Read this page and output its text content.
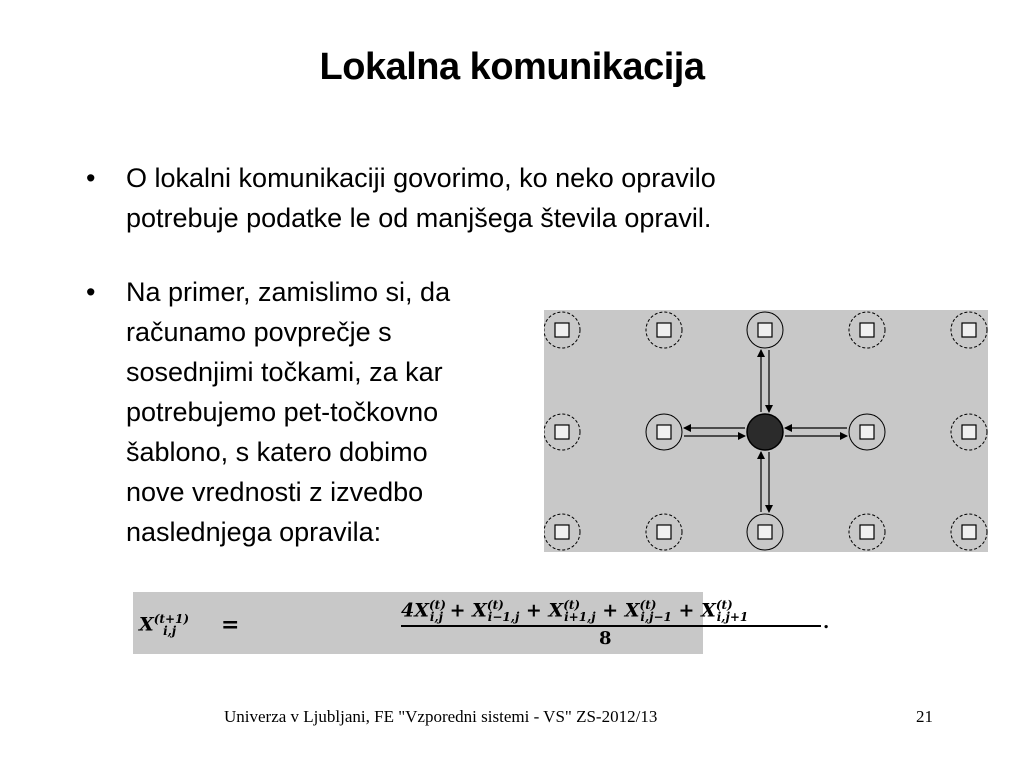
Lokalna komunikacija
• O lokalni komunikaciji govorimo, ko neko opravilo
potrebuje podatke le od manjšega števila opravil.
• Na primer, zamislimo si, da
računamo povprečje s
sosednjimi točkami, za kar
potrebujemo pet-točkovno
šablono, s katero dobimo
nove vrednosti z izvedbo
naslednjega opravila:
$X^{(t+1)}_{i,j}$ =
$4X^{(t)}_{i,j} + X^{(t)}_{i-1,j} + X^{(t)}_{i+1,j} + X^{(t)}_{i,j-1} + X^{(t)}_{i,j+1}$
8
.
Univerza v Ljubljani, FE "Vzporedni sistemi - VS" ZS-2012/13	21
